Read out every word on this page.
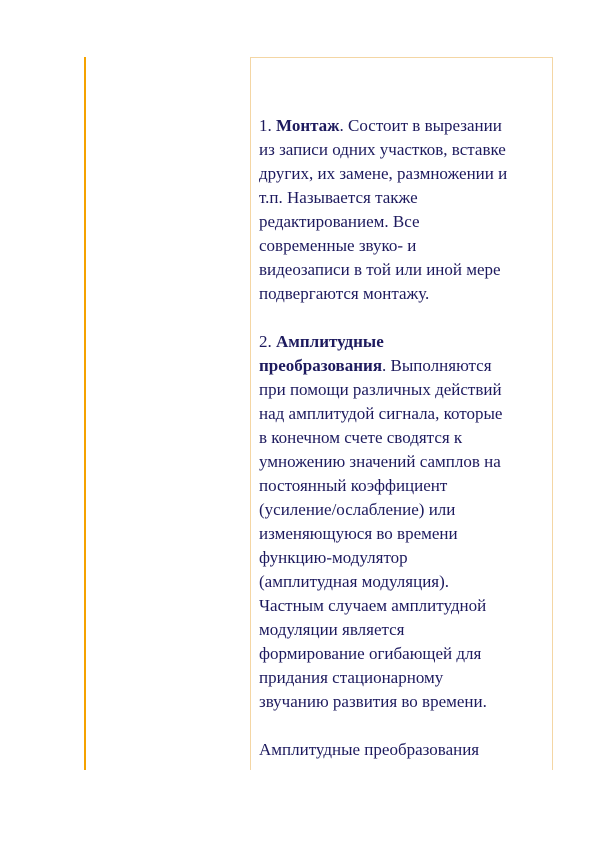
1. Монтаж. Состоит в вырезании
из записи одних участков, вставке
других, их замене, размножении и
т.п. Называется также
редактированием. Все
современные звуко- и
видеозаписи в той или иной мере
подвергаются монтажу.
2. Амплитудные
преобразования. Выполняются
при помощи различных действий
над амплитудой сигнала, которые
в конечном счете сводятся к
умножению значений самплов на
постоянный коэффициент
(усиление/ослабление) или
изменяющуюся во времени
функцию-модулятор
(амплитудная модуляция).
Частным случаем амплитудной
модуляции является
формирование огибающей для
придания стационарному
звучанию развития во времени.
Амплитудные преобразования
